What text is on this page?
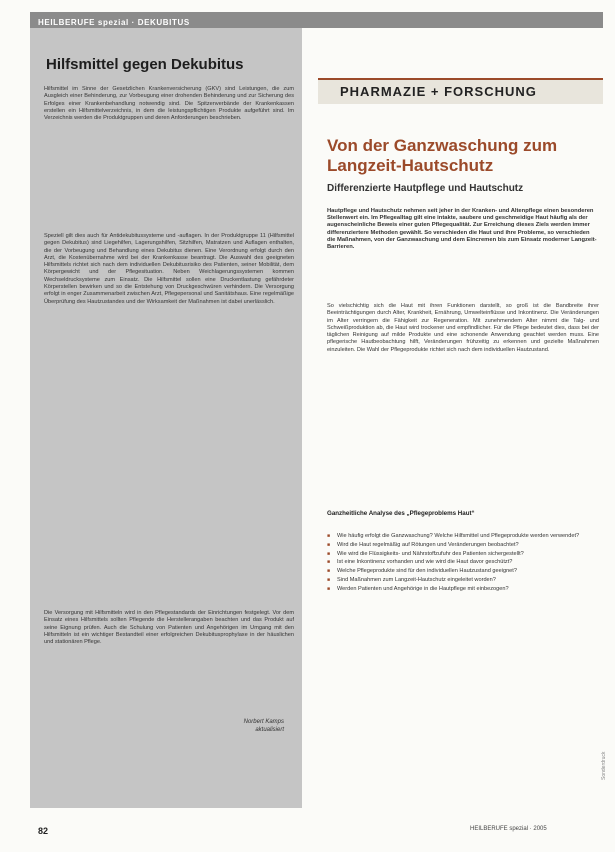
HEILBERUFE spezial · DEKUBITUS
Hilfsmittel gegen Dekubitus

Hilfsmittel im Sinne der Gesetzlichen Krankenversicherung (GKV) sind Leistungen, die zum Ausgleich einer Behinderung, zur Vorbeugung einer drohenden Behinderung und zur Sicherung des Erfolges einer Krankenbehandlung notwendig sind. Die Spitzenverbände der Krankenkassen erstellen ein Hilfsmittelverzeichnis, in dem die leistungspflichtigen Produkte aufgeführt sind. Im Verzeichnis werden die Produktgruppen und deren Anforderungen beschrieben.

Speziell gilt dies auch für Antidekubitussysteme und -auflagen. In der Produktgruppe 11 (Hilfsmittel gegen Dekubitus) sind Liegehilfen, Lagerungshilfen, Sitzhilfen, Matratzen und Auflagen enthalten, die der Vorbeugung und Behandlung eines Dekubitus dienen. Eine Verordnung erfolgt durch den Arzt, die Kostenübernahme wird bei der Krankenkasse beantragt. Die Auswahl des geeigneten Hilfsmittels richtet sich nach dem individuellen Dekubitusrisiko des Patienten, seiner Mobilität, dem Körpergewicht und der Pflegesituation. Neben Weichlagerungssystemen kommen Wechseldrucksysteme zum Einsatz. Die Hilfsmittel sollen eine Druckentlastung gefährdeter Körperstellen bewirken und so die Entstehung von Druckgeschwüren verhindern. Die Versorgung erfolgt in enger Zusammenarbeit zwischen Arzt, Pflegepersonal und Sanitätshaus. Eine regelmäßige Überprüfung des Hautzustandes und der Wirksamkeit der Maßnahmen ist dabei unerlässlich.

Die Versorgung mit Hilfsmitteln wird in den Pflegestandards der Einrichtungen festgelegt. Vor dem Einsatz eines Hilfsmittels sollten Pflegende die Herstellerangaben beachten und das Produkt auf seine Eignung prüfen. Auch die Schulung von Patienten und Angehörigen im Umgang mit den Hilfsmitteln ist ein wichtiger Bestandteil einer erfolgreichen Dekubitusprophylaxe in der häuslichen und stationären Pflege.

Norbert Kamps
aktualisiert
PHARMAZIE + FORSCHUNG
Von der Ganzwaschung zum Langzeit-Hautschutz
Differenzierte Hautpflege und Hautschutz

Hautpflege und Hautschutz nehmen seit jeher in der Kranken- und Altenpflege einen besonderen Stellenwert ein. Im Pflegealltag gilt eine intakte, saubere und geschmeidige Haut häufig als der augenscheinliche Beweis einer guten Pflegequalität. Zur Erreichung dieses Ziels werden immer differenziertere Methoden gewählt. So verschieden die Haut und ihre Probleme, so verschieden die Maßnahmen, von der Ganzwaschung und dem Eincremen bis zum Einsatz moderner Langzeit-Barrieren.

So vielschichtig sich die Haut mit ihren Funktionen darstellt, so groß ist die Bandbreite ihrer Beeinträchtigungen durch Alter, Krankheit, Ernährung, Umwelteinflüsse und Inkontinenz. Die Veränderungen im Alter verringern die Fähigkeit zur Regeneration. Mit zunehmendem Alter nimmt die Talg- und Schweißproduktion ab, die Haut wird trockener und empfindlicher. Für die Pflege bedeutet dies, dass bei der täglichen Reinigung auf milde Produkte und eine schonende Anwendung geachtet werden muss. Eine pflegerische Hautbeobachtung hilft, Veränderungen frühzeitig zu erkennen und gezielte Maßnahmen einzuleiten. Die Wahl der Pflegeprodukte richtet sich nach dem individuellen Hautzustand.

Ganzheitliche Analyse des „Pflegeproblems Haut“
■ Wie häufig erfolgt die Ganzwaschung? Welche Hilfsmittel und Pflegeprodukte werden verwendet?
■ Wird die Haut regelmäßig auf Rötungen und Veränderungen beobachtet?
■ Wie wird die Flüssigkeits- und Nährstoffzufuhr des Patienten sichergestellt?
■ Ist eine Inkontinenz vorhanden und wie wird die Haut davor geschützt?
■ Welche Pflegeprodukte sind für den individuellen Hautzustand geeignet?
■ Sind Maßnahmen zum Langzeit-Hautschutz eingeleitet worden?
■ Werden Patienten und Angehörige in die Hautpflege mit einbezogen?
82	HEILBERUFE spezial · 2005
Sonderdruck
